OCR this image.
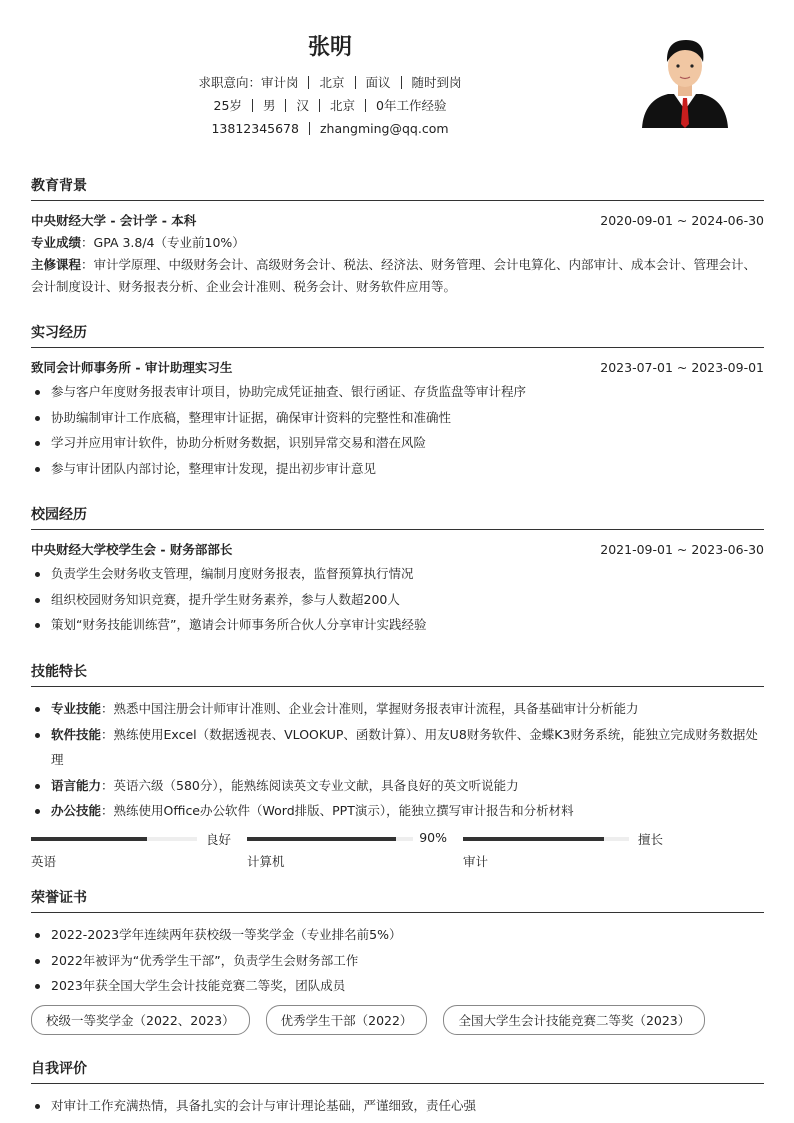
张明
求职意向：审计岗 北京 面议 随时到岗
25岁 男 汉 北京 0年工作经验
13812345678 zhangming@qq.com
教育背景
中央财经大学 - 会计学 - 本科	2020-09-01 ~ 2024-06-30
专业成绩：GPA 3.8/4（专业前10%）
主修课程：审计学原理、中级财务会计、高级财务会计、税法、经济法、财务管理、会计电算化、内部审计、成本会计、管理会计、会计制度设计、财务报表分析、企业会计准则、税务会计、财务软件应用等。
实习经历
致同会计师事务所 - 审计助理实习生	2023-07-01 ~ 2023-09-01
参与客户年度财务报表审计项目，协助完成凭证抽查、银行函证、存货监盘等审计程序
协助编制审计工作底稿，整理审计证据，确保审计资料的完整性和准确性
学习并应用审计软件，协助分析财务数据，识别异常交易和潜在风险
参与审计团队内部讨论，整理审计发现，提出初步审计意见
校园经历
中央财经大学校学生会 - 财务部部长	2021-09-01 ~ 2023-06-30
负责学生会财务收支管理，编制月度财务报表，监督预算执行情况
组织校园财务知识竞赛，提升学生财务素养，参与人数超200人
策划“财务技能训练营”，邀请会计师事务所合伙人分享审计实践经验
技能特长
专业技能：熟悉中国注册会计师审计准则、企业会计准则，掌握财务报表审计流程，具备基础审计分析能力
软件技能：熟练使用Excel（数据透视表、VLOOKUP、函数计算）、用友U8财务软件、金蝶K3财务系统，能独立完成财务数据处理
语言能力：英语六级（580分），能熟练阅读英文专业文献，具备良好的英文听说能力
办公技能：熟练使用Office办公软件（Word排版、PPT演示），能独立撰写审计报告和分析材料
良好
英语
90%
计算机
擅长
审计
荣誉证书
2022-2023学年连续两年获校级一等奖学金（专业排名前5%）
2022年被评为“优秀学生干部”，负责学生会财务部工作
2023年获全国大学生会计技能竞赛二等奖，团队成员
校级一等奖学金（2022、2023）	优秀学生干部（2022）	全国大学生会计技能竞赛二等奖（2023）
自我评价
对审计工作充满热情，具备扎实的会计与审计理论基础，严谨细致，责任心强
